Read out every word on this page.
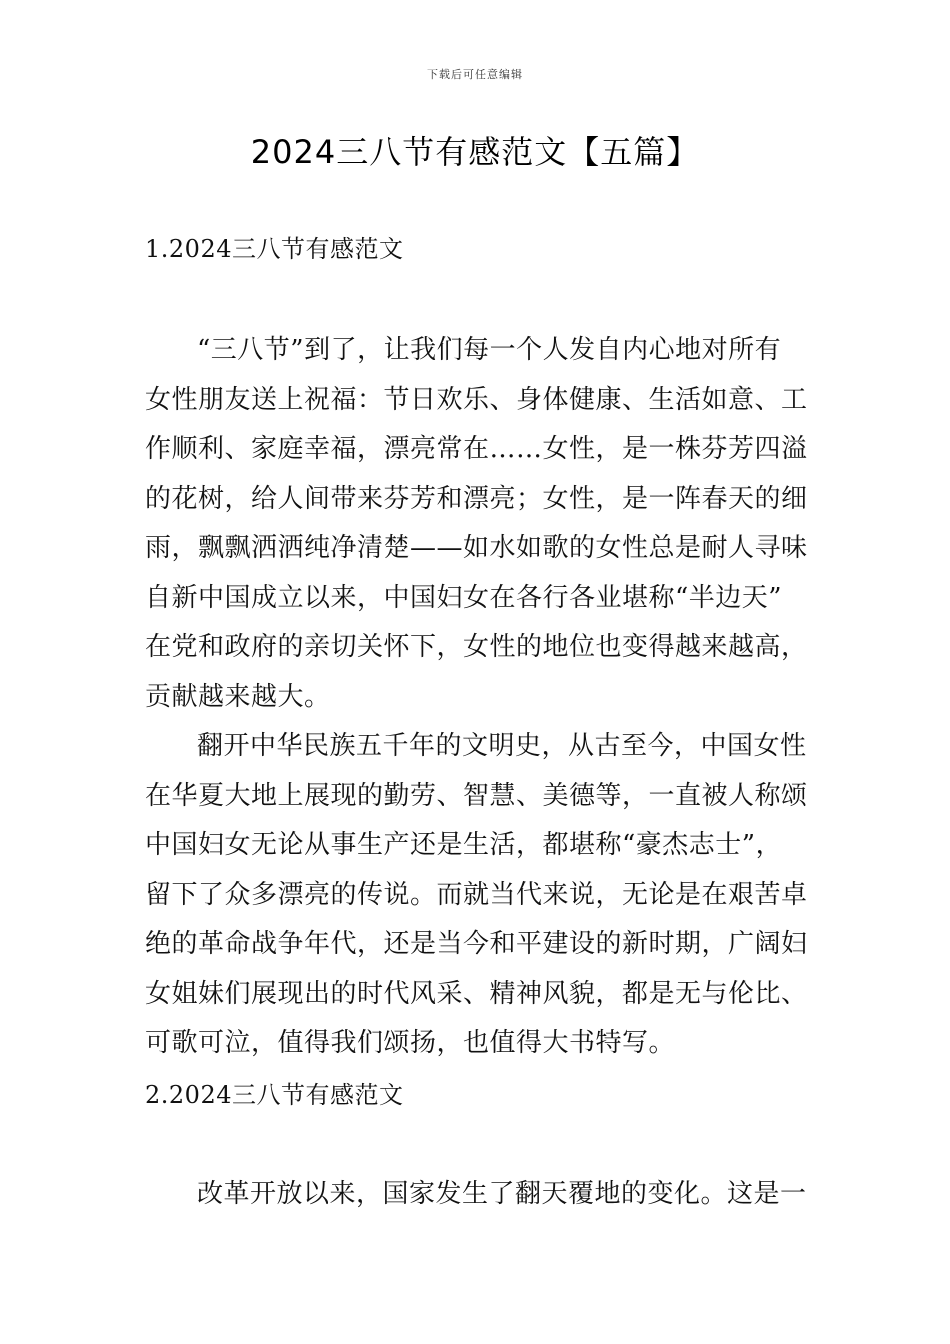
下载后可任意编辑
2024三八节有感范文【五篇】
1.2024三八节有感范文
“三八节”到了，让我们每一个人发自内心地对所有
女性朋友送上祝福：节日欢乐、身体健康、生活如意、工
作顺利、家庭幸福，漂亮常在……女性，是一株芬芳四溢
的花树，给人间带来芬芳和漂亮；女性，是一阵春天的细
雨，飘飘洒洒纯净清楚——如水如歌的女性总是耐人寻味
自新中国成立以来，中国妇女在各行各业堪称“半边天”
在党和政府的亲切关怀下，女性的地位也变得越来越高，
贡献越来越大。
翻开中华民族五千年的文明史，从古至今，中国女性
在华夏大地上展现的勤劳、智慧、美德等，一直被人称颂
中国妇女无论从事生产还是生活，都堪称“豪杰志士”，
留下了众多漂亮的传说。而就当代来说，无论是在艰苦卓
绝的革命战争年代，还是当今和平建设的新时期，广阔妇
女姐妹们展现出的时代风采、精神风貌，都是无与伦比、
可歌可泣，值得我们颂扬，也值得大书特写。
2.2024三八节有感范文
改革开放以来，国家发生了翻天覆地的变化。这是一
